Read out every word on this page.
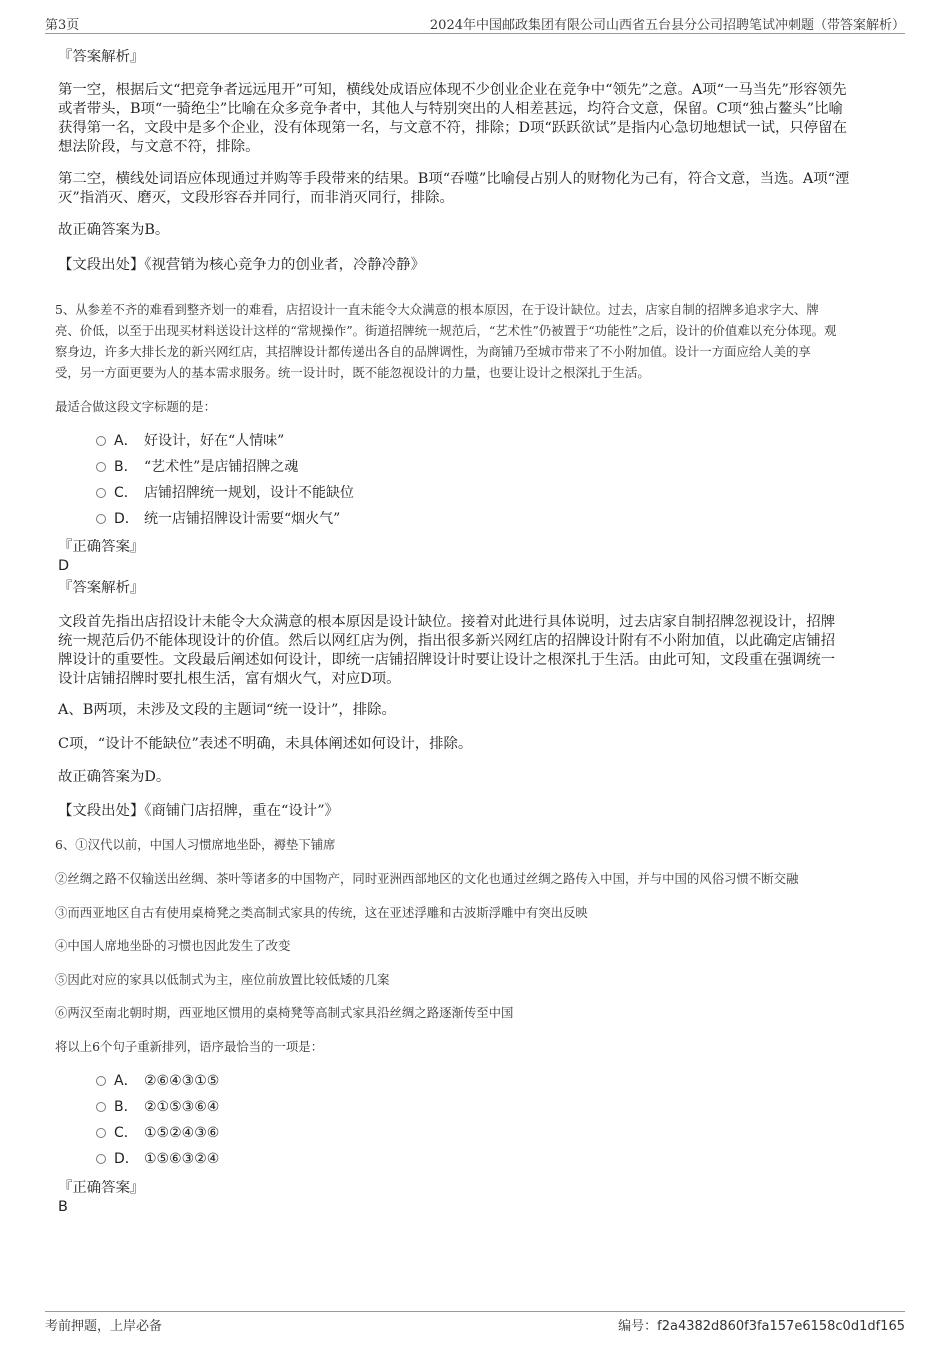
第3页	2024年中国邮政集团有限公司山西省五台县分公司招聘笔试冲刺题（带答案解析）

『答案解析』

第一空，根据后文“把竞争者远远甩开”可知，横线处成语应体现不少创业企业在竞争中“领先”之意。A项“一马当先”形容领先

或者带头，B项“一骑绝尘”比喻在众多竞争者中，其他人与特别突出的人相差甚远，均符合文意，保留。C项“独占鳌头”比喻

获得第一名，文段中是多个企业，没有体现第一名，与文意不符，排除；D项“跃跃欲试”是指内心急切地想试一试，只停留在

想法阶段，与文意不符，排除。

第二空，横线处词语应体现通过并购等手段带来的结果。B项“吞噬”比喻侵占别人的财物化为己有，符合文意，当选。A项“湮

灭”指消灭、磨灭，文段形容吞并同行，而非消灭同行，排除。

故正确答案为B。

【文段出处】《视营销为核心竞争力的创业者，冷静冷静》

5、从参差不齐的难看到整齐划一的难看，店招设计一直未能令大众满意的根本原因，在于设计缺位。过去，店家自制的招牌多追求字大、牌

亮、价低，以至于出现买材料送设计这样的“常规操作”。街道招牌统一规范后，“艺术性”仍被置于“功能性”之后，设计的价值难以充分体现。观

察身边，许多大排长龙的新兴网红店，其招牌设计都传递出各自的品牌调性，为商铺乃至城市带来了不小附加值。设计一方面应给人美的享

受，另一方面更要为人的基本需求服务。统一设计时，既不能忽视设计的力量，也要让设计之根深扎于生活。

最适合做这段文字标题的是：

A． 好设计，好在“人情味”
B． “艺术性”是店铺招牌之魂
C． 店铺招牌统一规划，设计不能缺位
D． 统一店铺招牌设计需要“烟火气”

『正确答案』

D

『答案解析』

文段首先指出店招设计未能令大众满意的根本原因是设计缺位。接着对此进行具体说明，过去店家自制招牌忽视设计，招牌

统一规范后仍不能体现设计的价值。然后以网红店为例，指出很多新兴网红店的招牌设计附有不小附加值，以此确定店铺招

牌设计的重要性。文段最后阐述如何设计，即统一店铺招牌设计时要让设计之根深扎于生活。由此可知，文段重在强调统一

设计店铺招牌时要扎根生活，富有烟火气，对应D项。

A、B两项，未涉及文段的主题词“统一设计”，排除。

C项，“设计不能缺位”表述不明确，未具体阐述如何设计，排除。

故正确答案为D。

【文段出处】《商铺门店招牌，重在“设计”》

6、①汉代以前，中国人习惯席地坐卧，褥垫下铺席

②丝绸之路不仅输送出丝绸、茶叶等诸多的中国物产，同时亚洲西部地区的文化也通过丝绸之路传入中国，并与中国的风俗习惯不断交融

③而西亚地区自古有使用桌椅凳之类高制式家具的传统，这在亚述浮雕和古波斯浮雕中有突出反映

④中国人席地坐卧的习惯也因此发生了改变

⑤因此对应的家具以低制式为主，座位前放置比较低矮的几案

⑥两汉至南北朝时期，西亚地区惯用的桌椅凳等高制式家具沿丝绸之路逐渐传至中国

将以上6个句子重新排列，语序最恰当的一项是：

A． ②⑥④③①⑤
B． ②①⑤③⑥④
C． ①⑤②④③⑥
D． ①⑤⑥③②④

『正确答案』

B

考前押题，上岸必备	编号：f2a4382d860f3fa157e6158c0d1df165
